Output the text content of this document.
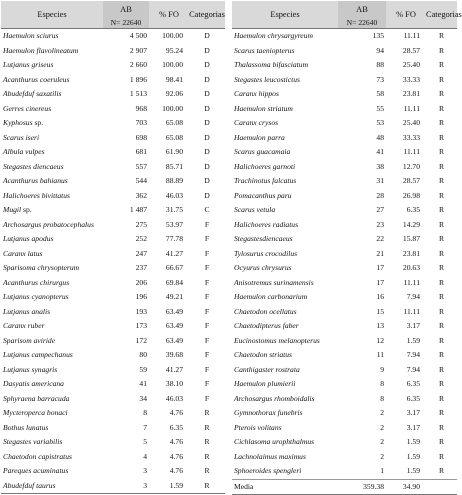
Especies	AB	% FO	Categorias
	N= 22640		
Haemulon sciurus	4 500	100.00	D
Haemulon flavolineatum	2 907	95.24	D
Lutjanus griseus	2 660	100.00	D
Acanthurus coeruleus	1 896	98.41	D
Abudefduf saxatilis	1 513	92.06	D
Gerres cinereus	968	100.00	D
Kyphosus sp.	703	65.08	D
Scarus iseri	698	65.08	D
Albula vulpes	681	61.90	D
Stegastes diencaeus	557	85.71	D
Acanthurus bahianus	544	88.89	D
Halichoeres bivittatus	362	46.03	D
Mugil sp.	1 487	31.75	C
Archosargus probatocephalus	275	53.97	F
Lutjanus apodus	252	77.78	F
Caranx latus	247	41.27	F
Sparisoma chrysopterum	237	66.67	F
Acanthurus chirurgus	206	69.84	F
Lutjanus cyanopterus	196	49.21	F
Lutjanus analis	193	63.49	F
Caranx ruber	173	63.49	F
Sparisom aviride	172	63.49	F
Lutjanus campechanus	80	39.68	F
Lutjanus synagris	59	41.27	F
Dasyatis americana	41	38.10	F
Sphyraena barracuda	34	46.03	F
Mycteroperca bonaci	8	4.76	R
Bothus lunatus	7	6.35	R
Stegastes variabilis	5	4.76	R
Chaetodon capistratus	4	4.76	R
Pareques acuminatus	3	4.76	R
Abudefduf taurus	3	1.59	R
Especies	AB	% FO	Categorias
	N= 22640		
Haemulon chrysargyreum	135	11.11	R
Scarus taeniopterus	94	28.57	R
Thalassoma bifasciatum	88	25.40	R
Stegastes leucostictus	73	33.33	R
Caranx hippos	58	23.81	R
Haemulon striatum	55	11.11	R
Caranx crysos	53	25.40	R
Haemulon parra	48	33.33	R
Scarus guacamaia	41	11.11	R
Halichoeres garnoti	38	12.70	R
Trachinotus falcatus	31	28.57	R
Pomacanthus paru	28	26.98	R
Scarus vetula	27	6.35	R
Halichoeres radiatus	23	14.29	R
Stegastesdiencaeus	22	15.87	R
Tylosurus crocodilus	21	23.81	R
Ocyurus chrysurus	17	20.63	R
Anisotremus surinamensis	17	11.11	R
Haemulon carbonarium	16	7.94	R
Chaetodon ocellatus	15	11.11	R
Chaetodipterus faber	13	3.17	R
Eucinostomus melanopterus	12	1.59	R
Chaetodon striatus	11	7.94	R
Canthigaster rostrata	9	7.94	R
Haemulon plumierii	8	6.35	R
Archosargus rhomboidalis	8	6.35	R
Gymnothorax funebris	2	3.17	R
Pterois volitans	2	3.17	R
Cichlasoma urophthalmus	2	1.59	R
Lachnolaimus maximus	2	1.59	R
Sphoeroides spengleri	1	1.59	R
Media	359.38	34.90	
